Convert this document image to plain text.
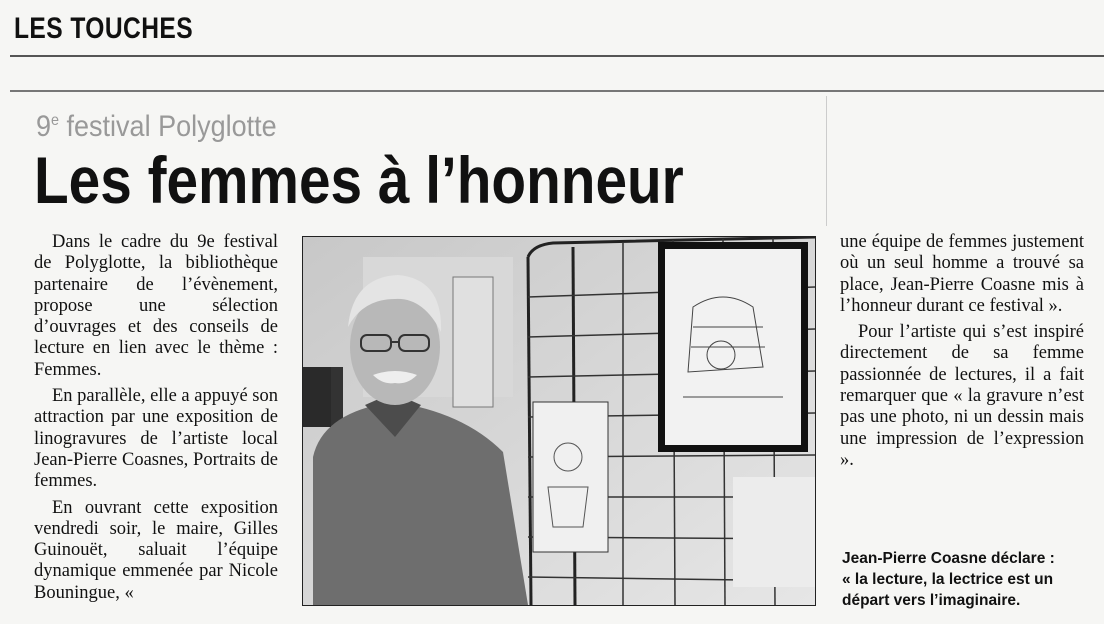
LES TOUCHES
9e festival Polyglotte
Les femmes à l’honneur

Dans le cadre du 9e festival de Polyglotte, la bibliothèque partenaire de l’évènement, propose une sélection d’ouvrages et des conseils de lecture en lien avec le thème : Femmes.

En parallèle, elle a appuyé son attraction par une exposition de linogravures de l’artiste local Jean-Pierre Coasnes, Portraits de femmes.

En ouvrant cette exposition vendredi soir, le maire, Gilles Guinouët, saluait l’équipe dynamique emmenée par Nicole Bouningue, «

une équipe de femmes justement où un seul homme a trouvé sa place, Jean-Pierre Coasne mis à l’honneur durant ce festival ».

Pour l’artiste qui s’est inspiré directement de sa femme passionnée de lectures, il a fait remarquer que « la gravure n’est pas une photo, ni un dessin mais une impression de l’expression ».

Jean-Pierre Coasne déclare :
« la lecture, la lectrice est un départ vers l’imaginaire.
